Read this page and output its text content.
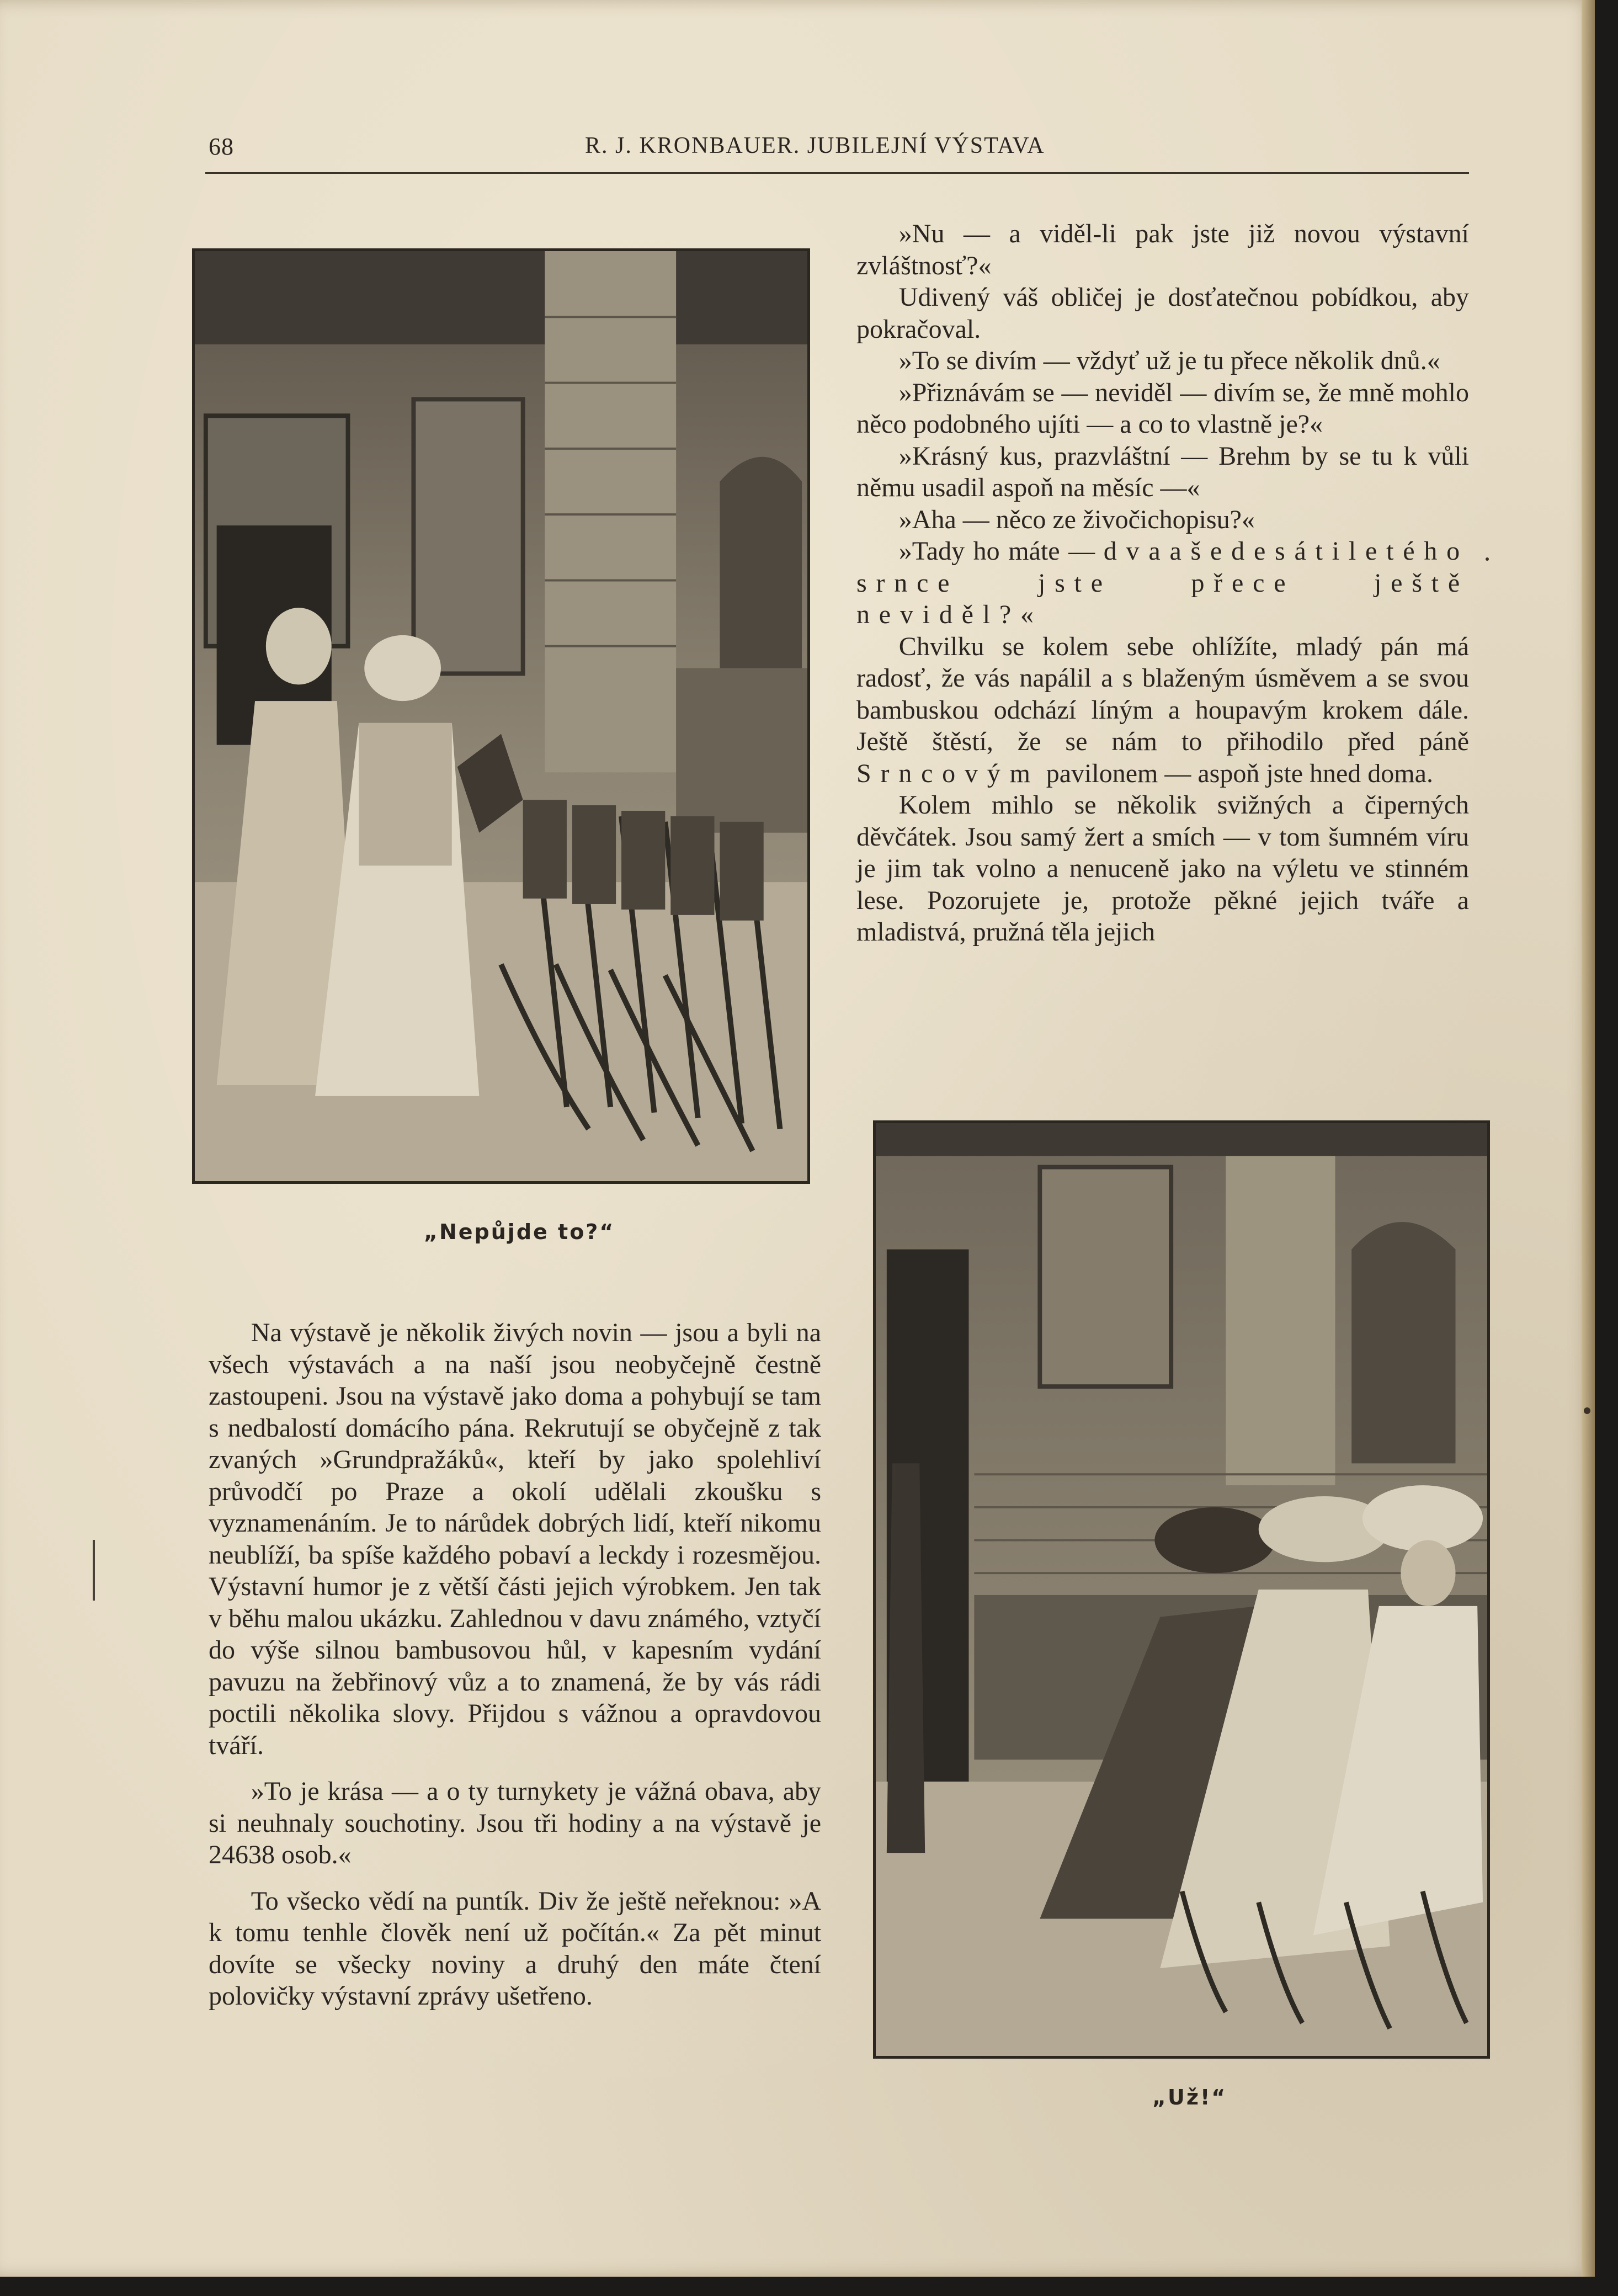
68	R. J. KRONBAUER. JUBILEJNÍ VÝSTAVA
„Nepůjde to?“

»Nu — a viděl-li pak jste již novou výstavní zvláštnosť?«

Udivený váš obličej je dosťatečnou pobídkou, aby pokračoval.

»To se divím — vždyť už je tu přece několik dnů.«

»Přiznávám se — neviděl — divím se, že mně mohlo něco podobného ujíti — a co to vlastně je?«

»Krásný kus, prazvláštní — Brehm by se tu k vůli němu usadil aspoň na měsíc —«

»Aha — něco ze živočichopisu?«

»Tady ho máte — dvaašedesátiletého srnce jste přece ještě neviděl?«

Chvilku se kolem sebe ohlížíte, mladý pán má radosť, že vás napálil a s blaženým úsměvem a se svou bambuskou odchází líným a houpavým krokem dále. Ještě štěstí, že se nám to přihodilo před páně Srncovým pavilonem — aspoň jste hned doma.

Kolem mihlo se několik svižných a čiperných děvčátek. Jsou samý žert a smích — v tom šumném víru je jim tak volno a nenuceně jako na výletu ve stinném lese. Pozorujete je, protože pěkné jejich tváře a mladistvá, pružná těla jejich

„Už!“

Na výstavě je několik živých novin — jsou a byli na všech výstavách a na naší jsou neobyčejně čestně zastoupeni. Jsou na výstavě jako doma a pohybují se tam s nedbalostí domácího pána. Rekrutují se obyčejně z tak zvaných »Grundpražáků«, kteří by jako spolehliví průvodčí po Praze a okolí udělali zkoušku s vyznamenáním. Je to nárůdek dobrých lidí, kteří nikomu neublíží, ba spíše každého pobaví a leckdy i rozesmějou. Výstavní humor je z větší části jejich výrobkem. Jen tak v běhu malou ukázku. Zahlednou v davu známého, vztyčí do výše silnou bambusovou hůl, v kapesním vydání pavuzu na žebřinový vůz a to znamená, že by vás rádi poctili několika slovy. Přijdou s vážnou a opravdovou tváří.

»To je krása — a o ty turnykety je vážná obava, aby si neuhnaly souchotiny. Jsou tři hodiny a na výstavě je 24638 osob.«

To všecko vědí na puntík. Div že ještě neřeknou: »A k tomu tenhle člověk není už počítán.« Za pět minut dovíte se všecky noviny a druhý den máte čtení polovičky výstavní zprávy ušetřeno.
